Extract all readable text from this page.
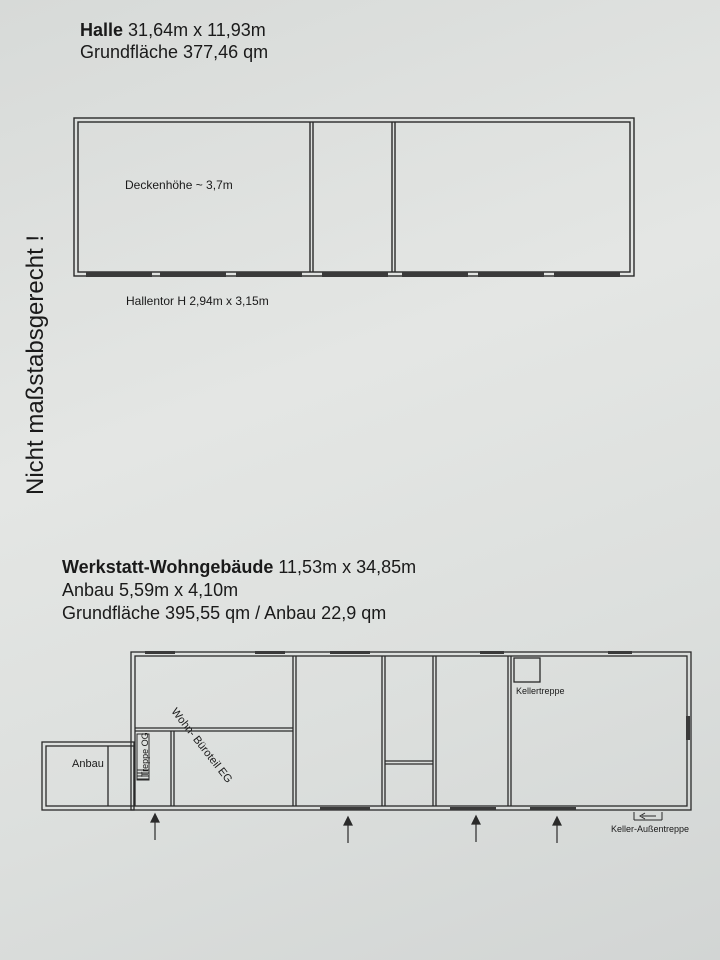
Nicht maßstabsgerecht !
Halle 31,64m x 11,93m
Grundfläche 377,46 qm
Deckenhöhe ~ 3,7m
Hallentor H 2,94m x 3,15m
Werkstatt-Wohngebäude 11,53m x 34,85m
Anbau 5,59m x 4,10m
Grundfläche 395,55 qm / Anbau 22,9 qm
Anbau	Treppe OG Wohn- Büroteil EG
Kellertreppe
Keller-Außentreppe
